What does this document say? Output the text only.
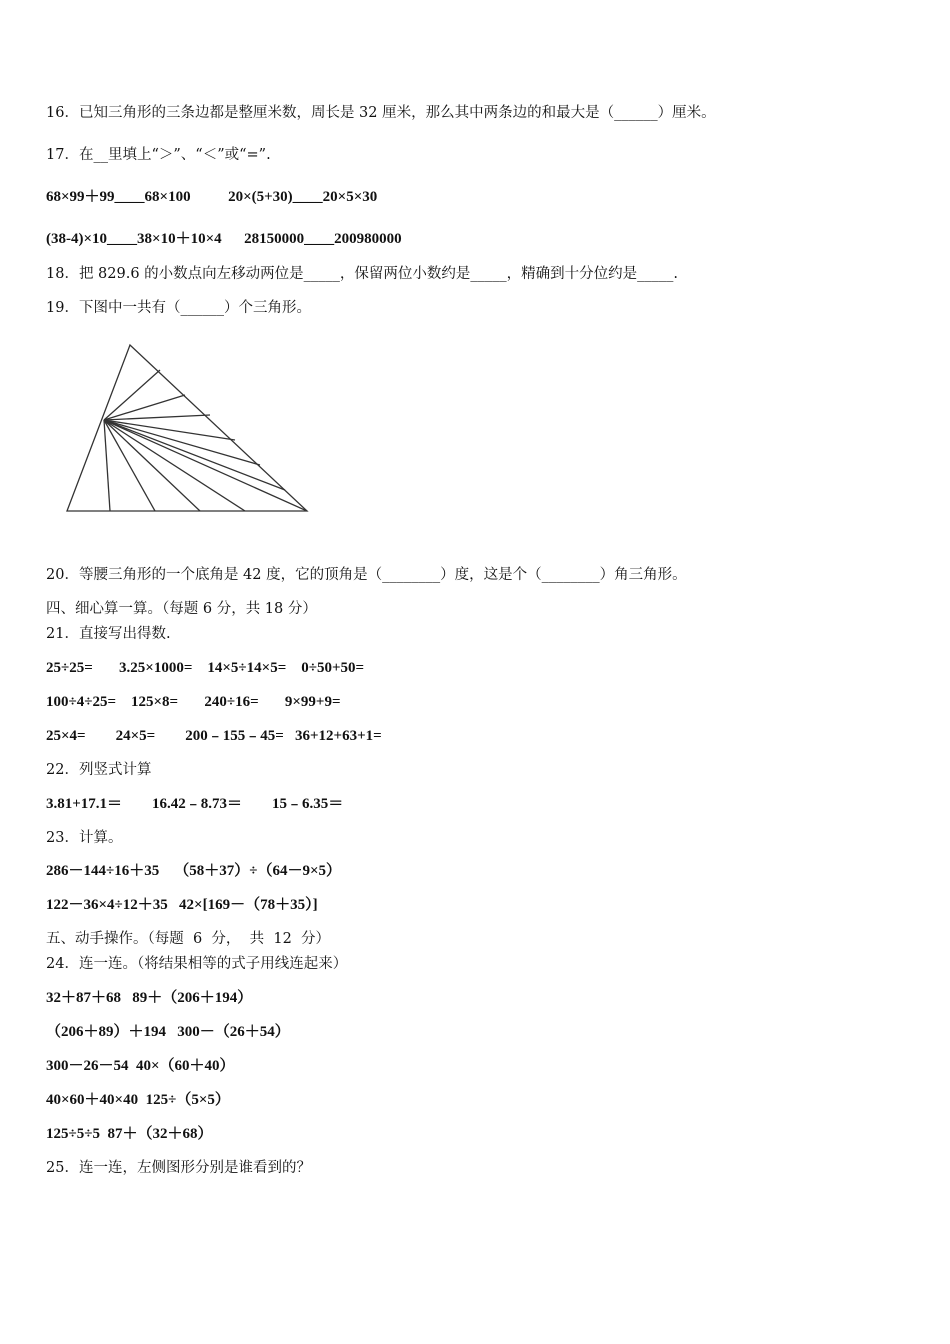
16．已知三角形的三条边都是整厘米数，周长是 32 厘米，那么其中两条边的和最大是（______）厘米。
17．在__里填上“＞”、“＜”或“=”.
68×99＋99____68×100          20×(5+30)____20×5×30
(38-4)×10____38×10＋10×4      28150000____200980000
18．把 829.6 的小数点向左移动两位是_____，保留两位小数约是_____，精确到十分位约是_____.
19．下图中一共有（______）个三角形。
20．等腰三角形的一个底角是 42 度，它的顶角是（________）度，这是个（________）角三角形。
四、细心算一算。（每题 6 分，共 18 分）
21．直接写出得数.
25÷25=       3.25×1000=    14×5÷14×5=    0÷50+50=
100÷4÷25=    125×8=       240÷16=       9×99+9=
25×4=        24×5=        200﹣155﹣45=   36+12+63+1=
22．列竖式计算
3.81+17.1＝        16.42﹣8.73＝        15﹣6.35＝
23．计算。
286－144÷16＋35    （58＋37）÷（64－9×5）
122－36×4÷12＋35   42×[169－（78＋35）]
五、动手操作。（每题  6  分，  共  12  分）
24．连一连。（将结果相等的式子用线连起来）
32＋87＋68   89＋（206＋194）
（206＋89）＋194   300－（26＋54）
300－26－54  40×（60＋40）
40×60＋40×40  125÷（5×5）
125÷5÷5  87＋（32＋68）
25．连一连，左侧图形分别是谁看到的？
